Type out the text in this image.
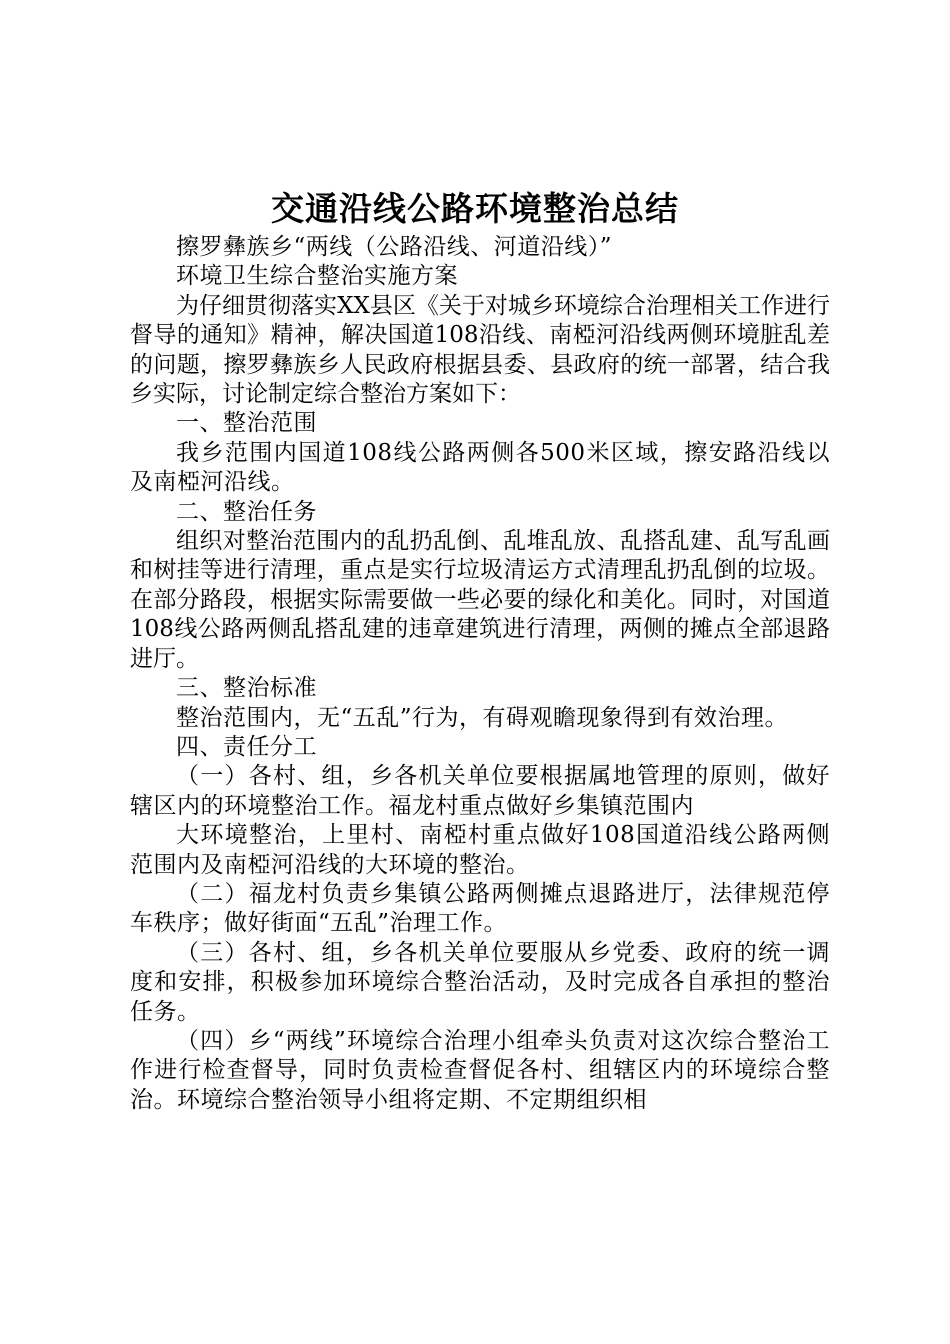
交通沿线公路环境整治总结

擦罗彝族乡“两线（公路沿线、河道沿线）”

环境卫生综合整治实施方案

为仔细贯彻落实XX县区《关于对城乡环境综合治理相关工作进行督导的通知》精神，解决国道108沿线、南椏河沿线两侧环境脏乱差的问题，擦罗彝族乡人民政府根据县委、县政府的统一部署，结合我乡实际，讨论制定综合整治方案如下：

一、整治范围

我乡范围内国道108线公路两侧各500米区域，擦安路沿线以及南椏河沿线。

二、整治任务

组织对整治范围内的乱扔乱倒、乱堆乱放、乱搭乱建、乱写乱画和树挂等进行清理，重点是实行垃圾清运方式清理乱扔乱倒的垃圾。在部分路段，根据实际需要做一些必要的绿化和美化。同时，对国道108线公路两侧乱搭乱建的违章建筑进行清理，两侧的摊点全部退路进厅。

三、整治标准

整治范围内，无“五乱”行为，有碍观瞻现象得到有效治理。

四、责任分工

（一）各村、组，乡各机关单位要根据属地管理的原则，做好辖区内的环境整治工作。福龙村重点做好乡集镇范围内

大环境整治，上里村、南椏村重点做好108国道沿线公路两侧范围内及南椏河沿线的大环境的整治。

（二）福龙村负责乡集镇公路两侧摊点退路进厅，法律规范停车秩序；做好街面“五乱”治理工作。

（三）各村、组，乡各机关单位要服从乡党委、政府的统一调度和安排，积极参加环境综合整治活动，及时完成各自承担的整治任务。

（四）乡“两线”环境综合治理小组牵头负责对这次综合整治工作进行检查督导，同时负责检查督促各村、组辖区内的环境综合整治。环境综合整治领导小组将定期、不定期组织相
